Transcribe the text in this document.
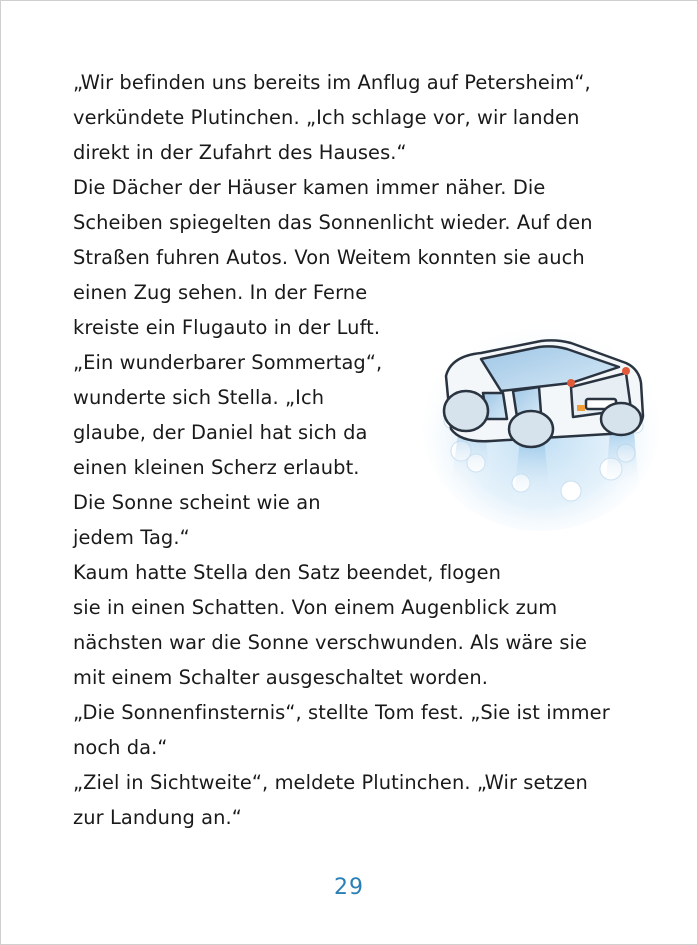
„Wir befinden uns bereits im Anflug auf Petersheim“,
verkündete Plutinchen. „Ich schlage vor, wir landen
direkt in der Zufahrt des Hauses.“
Die Dächer der Häuser kamen immer näher. Die
Scheiben spiegelten das Sonnenlicht wieder. Auf den
Straßen fuhren Autos. Von Weitem konnten sie auch
einen Zug sehen. In der Ferne
kreiste ein Flugauto in der Luft.
„Ein wunderbarer Sommertag“,
wunderte sich Stella. „Ich
glaube, der Daniel hat sich da
einen kleinen Scherz erlaubt.
Die Sonne scheint wie an
jedem Tag.“
Kaum hatte Stella den Satz beendet, flogen
sie in einen Schatten. Von einem Augenblick zum
nächsten war die Sonne verschwunden. Als wäre sie
mit einem Schalter ausgeschaltet worden.
„Die Sonnenfinsternis“, stellte Tom fest. „Sie ist immer
noch da.“
„Ziel in Sichtweite“, meldete Plutinchen. „Wir setzen
zur Landung an.“
29
